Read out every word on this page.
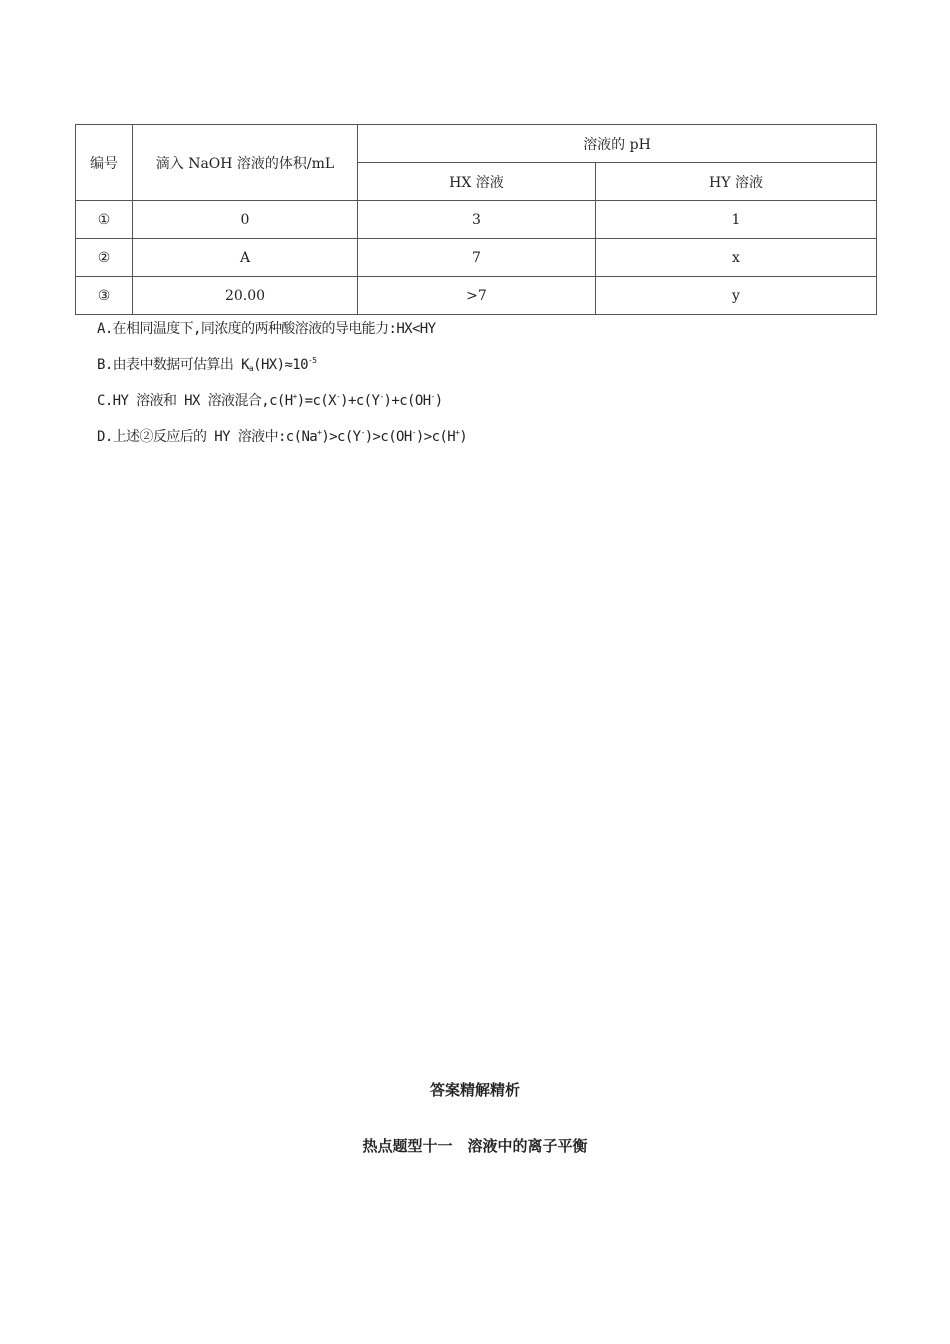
编号	滴入 NaOH 溶液的体积/mL	溶液的 pH	
		HX 溶液	HY 溶液
①	0	3	1
②	A	7	x
③	20.00	>7	y
A.在相同温度下,同浓度的两种酸溶液的导电能力:HX<HY
B.由表中数据可估算出 $K_a(HX)\approx 10^{-5}$
C.HY 溶液和 HX 溶液混合,c(H+)=c(X-)+c(Y-)+c(OH-)
D.上述②反应后的 HY 溶液中:c(Na+)>c(Y-)>c(OH-)>c(H+)
答案精解精析
热点题型十一　溶液中的离子平衡
